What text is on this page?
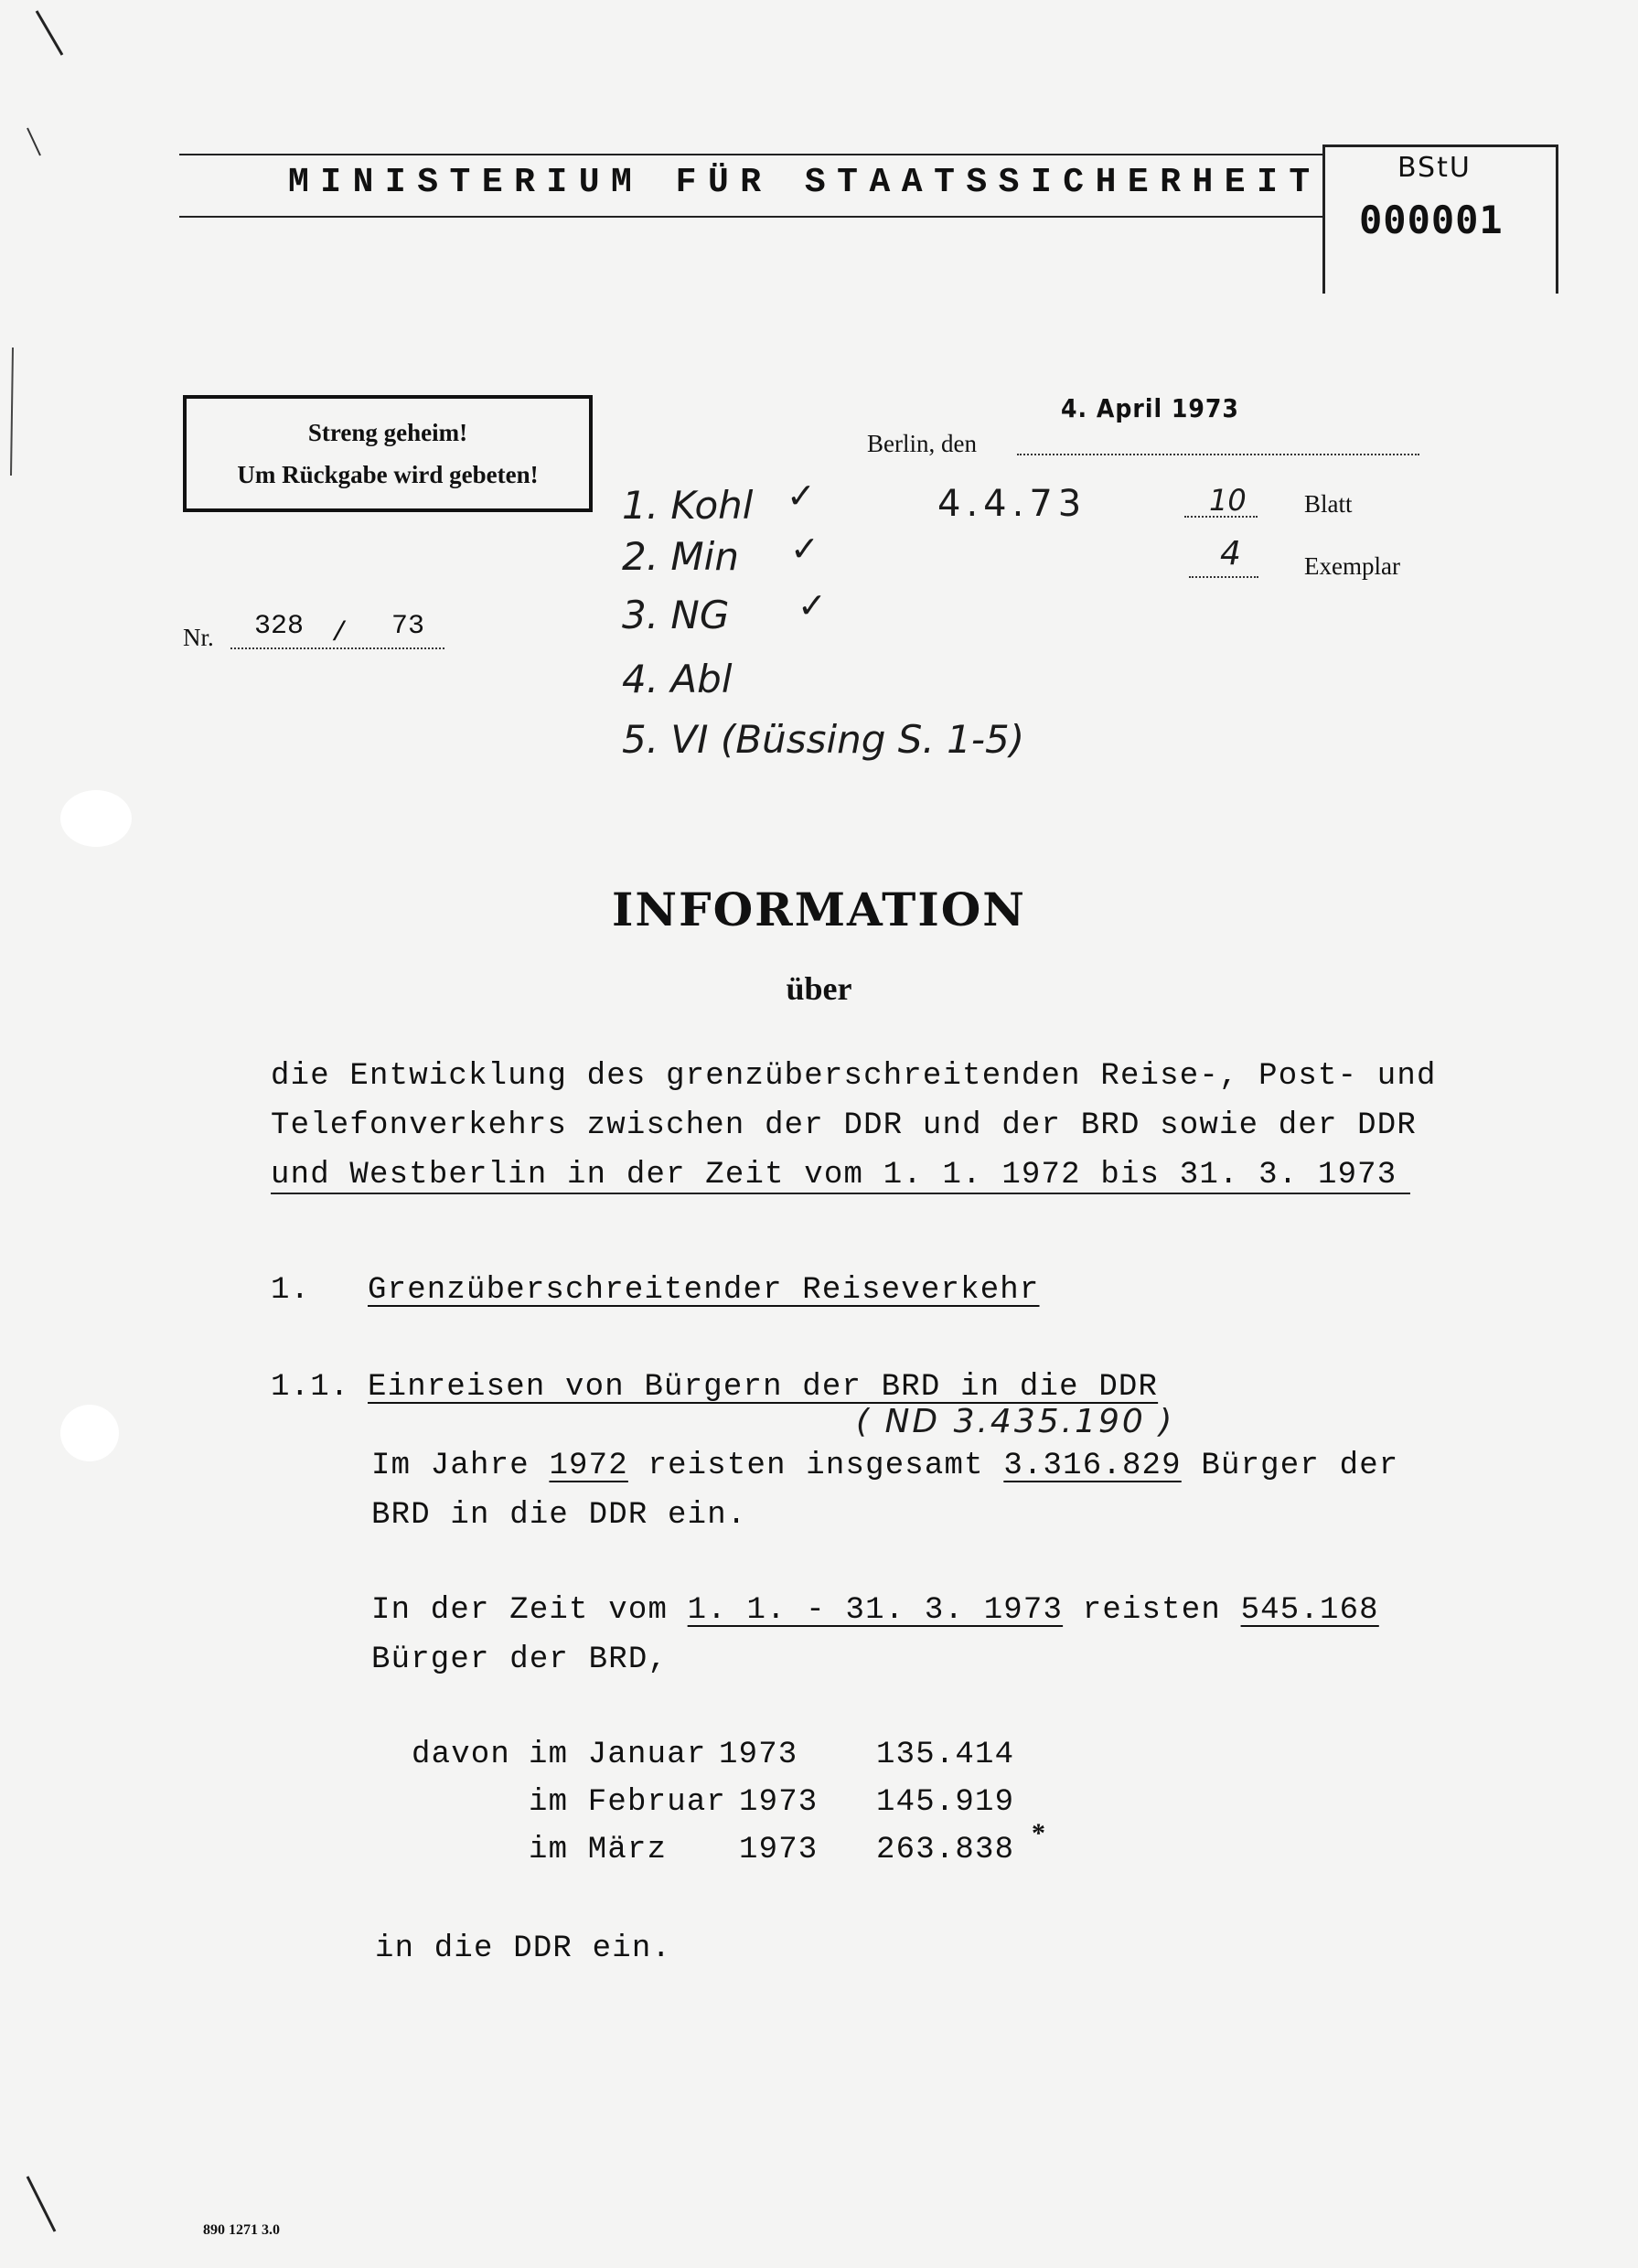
MINISTERIUM FÜR STAATSSICHERHEIT	BStU
000001
Streng geheim!
Um Rückgabe wird gebeten!
Berlin, den
4. April 1973
4.4.73	10 Blatt
4	Exemplar
Nr. 328 / 73
1. Kohl ✓
2. Min ✓
3. NG ✓
4. Abl
5. VI (Büssing S. 1-5)
INFORMATION
über
die Entwicklung des grenzüberschreitenden Reise-, Post- und
Telefonverkehrs zwischen der DDR und der BRD sowie der DDR
und Westberlin in der Zeit vom 1. 1. 1972 bis 31. 3. 1973
1. Grenzüberschreitender Reiseverkehr
1.1. Einreisen von Bürgern der BRD in die DDR
( ND 3.435.190 )
Im Jahre 1972 reisten insgesamt 3.316.829 Bürger der
BRD in die DDR ein.
In der Zeit vom 1. 1. - 31. 3. 1973 reisten 545.168
Bürger der BRD,
davon im Januar 1973	135.414
im Februar 1973 145.919
im März 1973 263.838 *
in die DDR ein.
890 1271 3.0
